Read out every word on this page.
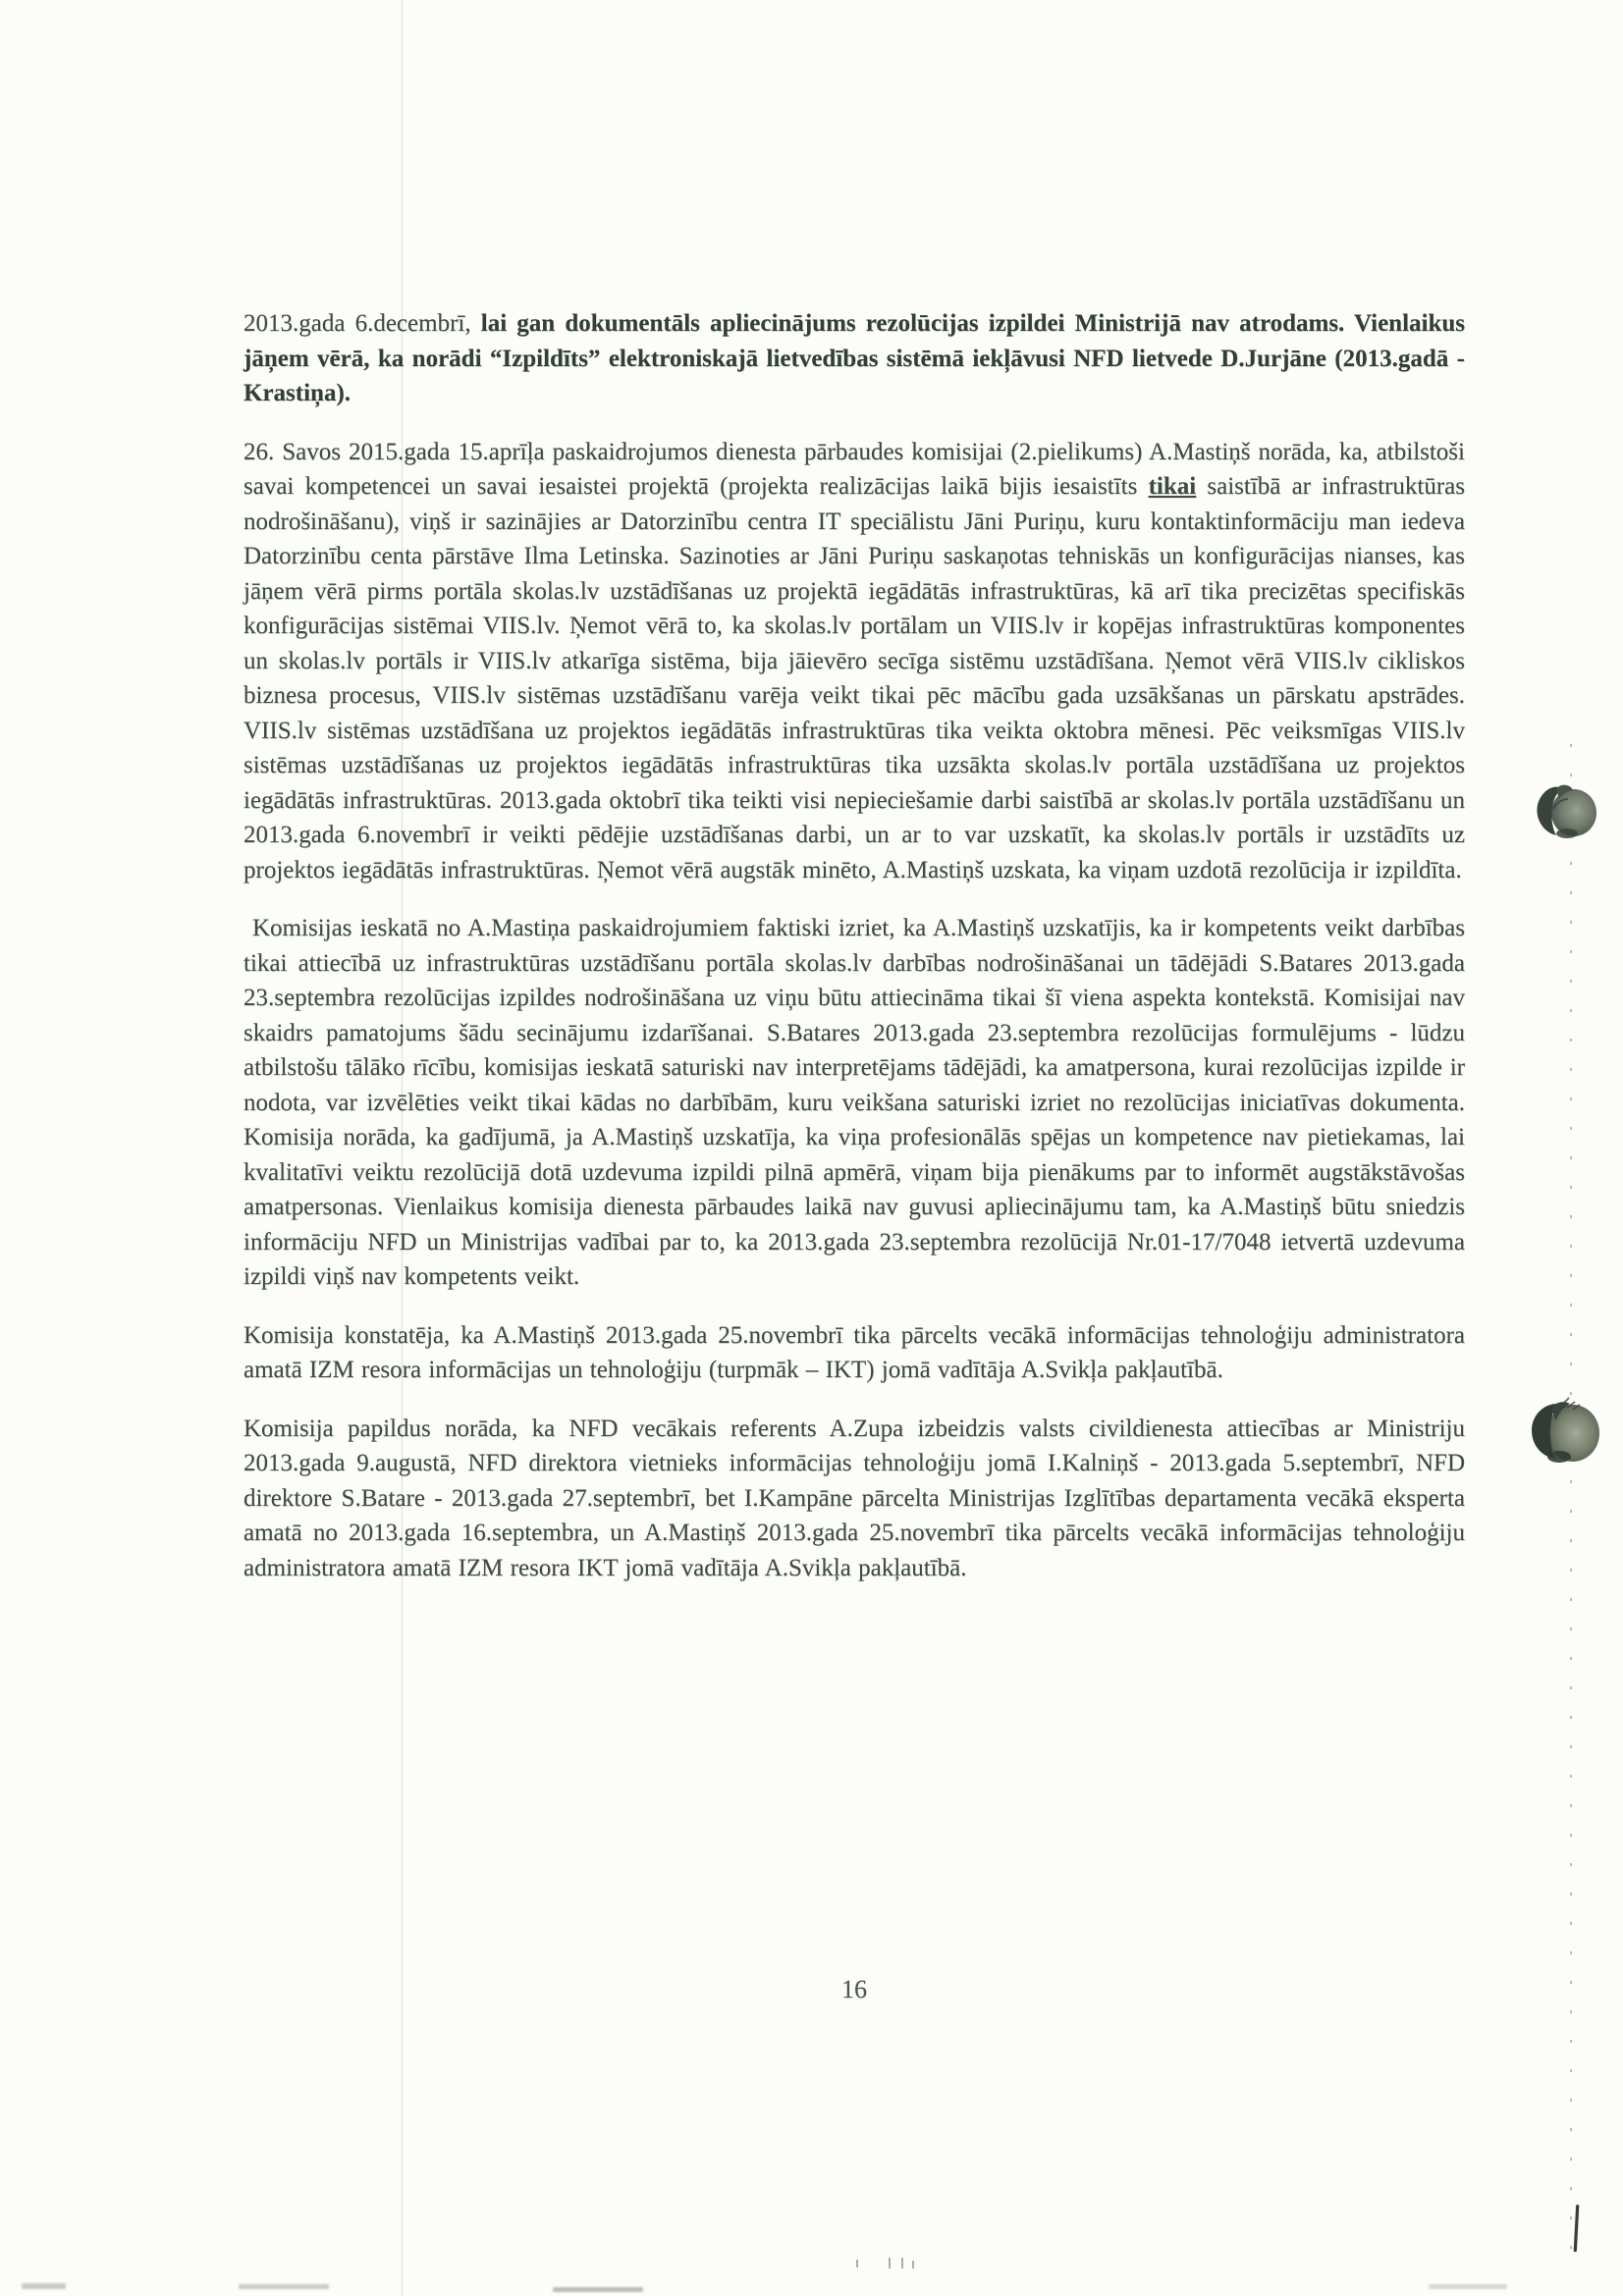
2013.gada 6.decembrī, lai gan dokumentāls apliecinājums rezolūcijas izpildei Ministrijā nav atrodams. Vienlaikus jāņem vērā, ka norādi “Izpildīts” elektroniskajā lietvedības sistēmā iekļāvusi NFD lietvede D.Jurjāne (2013.gadā - Krastiņa).

26. Savos 2015.gada 15.aprīļa paskaidrojumos dienesta pārbaudes komisijai (2.pielikums) A.Mastiņš norāda, ka, atbilstoši savai kompetencei un savai iesaistei projektā (projekta realizācijas laikā bijis iesaistīts tikai saistībā ar infrastruktūras nodrošināšanu), viņš ir sazinājies ar Datorzinību centra IT speciālistu Jāni Puriņu, kuru kontaktinformāciju man iedeva Datorzinību centa pārstāve Ilma Letinska. Sazinoties ar Jāni Puriņu saskaņotas tehniskās un konfigurācijas nianses, kas jāņem vērā pirms portāla skolas.lv uzstādīšanas uz projektā iegādātās infrastruktūras, kā arī tika precizētas specifiskās konfigurācijas sistēmai VIIS.lv. Ņemot vērā to, ka skolas.lv portālam un VIIS.lv ir kopējas infrastruktūras komponentes un skolas.lv portāls ir VIIS.lv atkarīga sistēma, bija jāievēro secīga sistēmu uzstādīšana. Ņemot vērā VIIS.lv cikliskos biznesa procesus, VIIS.lv sistēmas uzstādīšanu varēja veikt tikai pēc mācību gada uzsākšanas un pārskatu apstrādes. VIIS.lv sistēmas uzstādīšana uz projektos iegādātās infrastruktūras tika veikta oktobra mēnesi. Pēc veiksmīgas VIIS.lv sistēmas uzstādīšanas uz projektos iegādātās infrastruktūras tika uzsākta skolas.lv portāla uzstādīšana uz projektos iegādātās infrastruktūras. 2013.gada oktobrī tika teikti visi nepieciešamie darbi saistībā ar skolas.lv portāla uzstādīšanu un 2013.gada 6.novembrī ir veikti pēdējie uzstādīšanas darbi, un ar to var uzskatīt, ka skolas.lv portāls ir uzstādīts uz projektos iegādātās infrastruktūras. Ņemot vērā augstāk minēto, A.Mastiņš uzskata, ka viņam uzdotā rezolūcija ir izpildīta.

Komisijas ieskatā no A.Mastiņa paskaidrojumiem faktiski izriet, ka A.Mastiņš uzskatījis, ka ir kompetents veikt darbības tikai attiecībā uz infrastruktūras uzstādīšanu portāla skolas.lv darbības nodrošināšanai un tādējādi S.Batares 2013.gada 23.septembra rezolūcijas izpildes nodrošināšana uz viņu būtu attiecināma tikai šī viena aspekta kontekstā. Komisijai nav skaidrs pamatojums šādu secinājumu izdarīšanai. S.Batares 2013.gada 23.septembra rezolūcijas formulējums - lūdzu atbilstošu tālāko rīcību, komisijas ieskatā saturiski nav interpretējams tādējādi, ka amatpersona, kurai rezolūcijas izpilde ir nodota, var izvēlēties veikt tikai kādas no darbībām, kuru veikšana saturiski izriet no rezolūcijas iniciatīvas dokumenta. Komisija norāda, ka gadījumā, ja A.Mastiņš uzskatīja, ka viņa profesionālās spējas un kompetence nav pietiekamas, lai kvalitatīvi veiktu rezolūcijā dotā uzdevuma izpildi pilnā apmērā, viņam bija pienākums par to informēt augstākstāvošas amatpersonas. Vienlaikus komisija dienesta pārbaudes laikā nav guvusi apliecinājumu tam, ka A.Mastiņš būtu sniedzis informāciju NFD un Ministrijas vadībai par to, ka 2013.gada 23.septembra rezolūcijā Nr.01-17/7048 ietvertā uzdevuma izpildi viņš nav kompetents veikt.

Komisija konstatēja, ka A.Mastiņš 2013.gada 25.novembrī tika pārcelts vecākā informācijas tehnoloģiju administratora amatā IZM resora informācijas un tehnoloģiju (turpmāk – IKT) jomā vadītāja A.Svikļa pakļautībā.

Komisija papildus norāda, ka NFD vecākais referents A.Zupa izbeidzis valsts civildienesta attiecības ar Ministriju 2013.gada 9.augustā, NFD direktora vietnieks informācijas tehnoloģiju jomā I.Kalniņš - 2013.gada 5.septembrī, NFD direktore S.Batare - 2013.gada 27.septembrī, bet I.Kampāne pārcelta Ministrijas Izglītības departamenta vecākā eksperta amatā no 2013.gada 16.septembra, un A.Mastiņš 2013.gada 25.novembrī tika pārcelts vecākā informācijas tehnoloģiju administratora amatā IZM resora IKT jomā vadītāja A.Svikļa pakļautībā.

16
